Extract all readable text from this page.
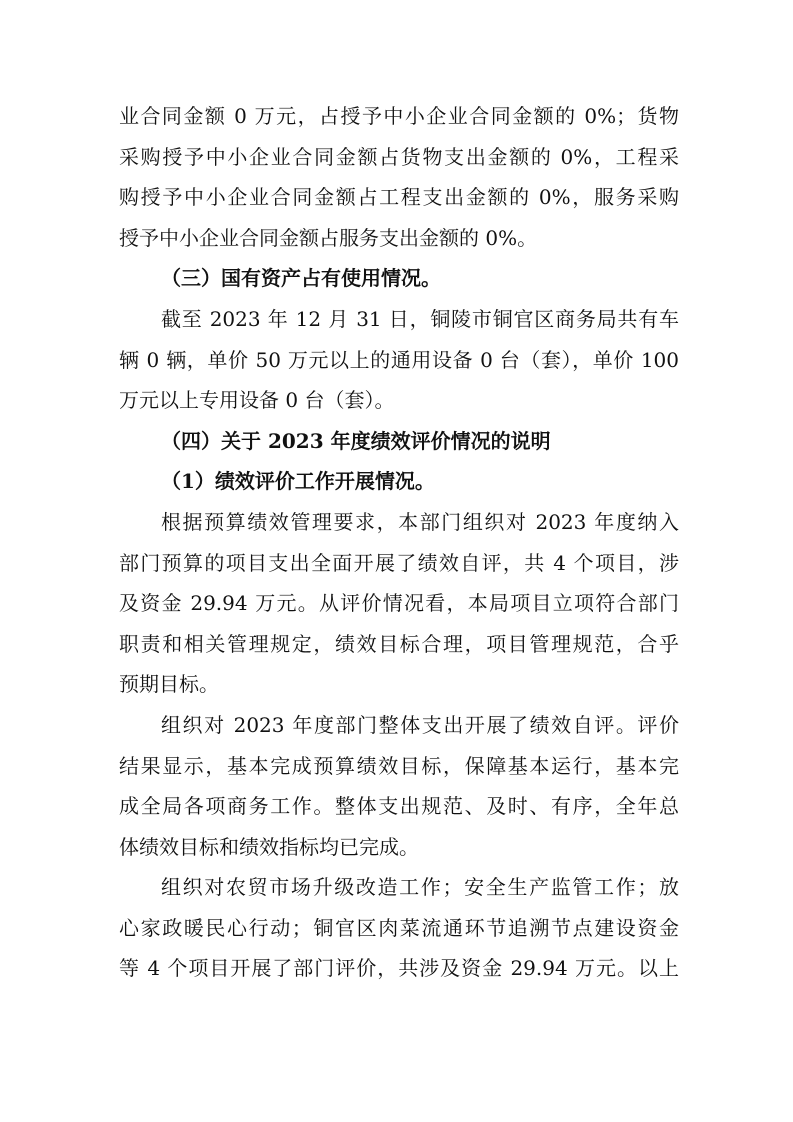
业合同金额 0 万元，占授予中小企业合同金额的 0%；货物
采购授予中小企业合同金额占货物支出金额的 0%，工程采
购授予中小企业合同金额占工程支出金额的 0%，服务采购
授予中小企业合同金额占服务支出金额的 0%。
（三）国有资产占有使用情况。
截至 2023 年 12 月 31 日，铜陵市铜官区商务局共有车
辆 0 辆，单价 50 万元以上的通用设备 0 台（套），单价 100
万元以上专用设备 0 台（套）。
（四）关于 2023 年度绩效评价情况的说明
（1）绩效评价工作开展情况。
根据预算绩效管理要求，本部门组织对 2023 年度纳入
部门预算的项目支出全面开展了绩效自评，共 4 个项目，涉
及资金 29.94 万元。从评价情况看，本局项目立项符合部门
职责和相关管理规定，绩效目标合理，项目管理规范，合乎
预期目标。
组织对 2023 年度部门整体支出开展了绩效自评。评价
结果显示，基本完成预算绩效目标，保障基本运行，基本完
成全局各项商务工作。整体支出规范、及时、有序，全年总
体绩效目标和绩效指标均已完成。
组织对农贸市场升级改造工作；安全生产监管工作；放
心家政暖民心行动；铜官区肉菜流通环节追溯节点建设资金
等 4 个项目开展了部门评价，共涉及资金 29.94 万元。以上
